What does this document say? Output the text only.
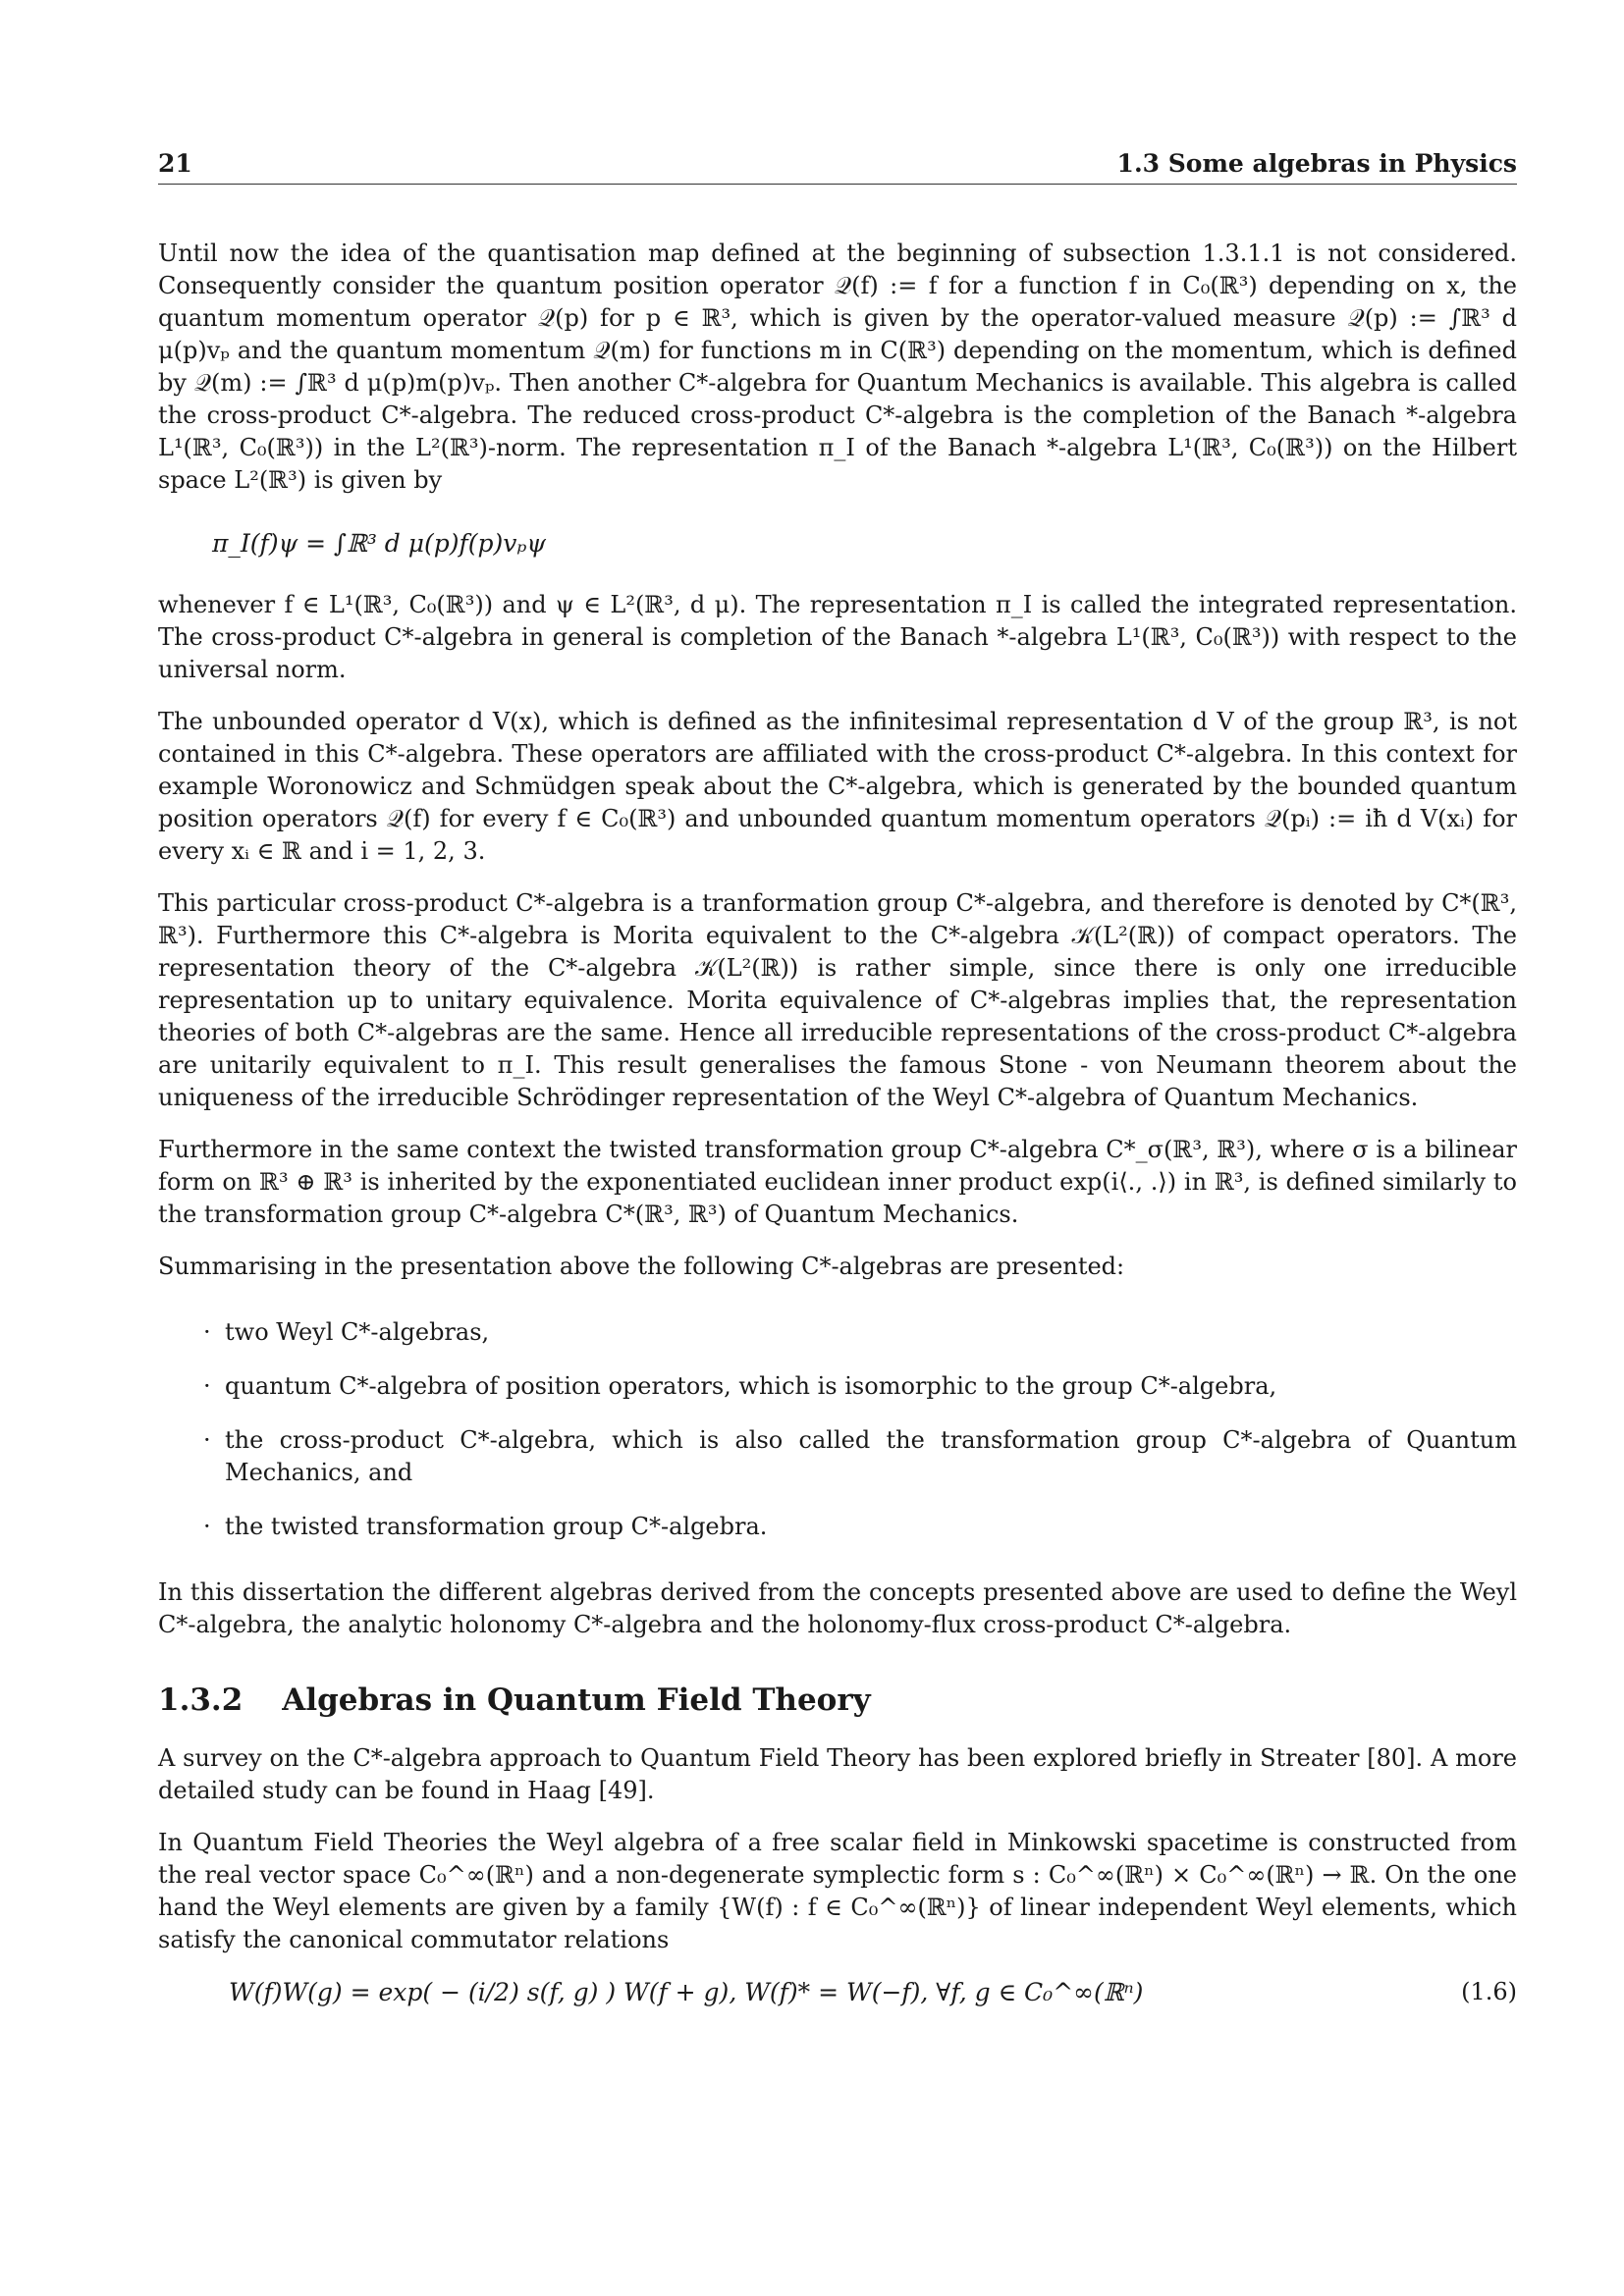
21	1.3 Some algebras in Physics

Until now the idea of the quantisation map defined at the beginning of subsection 1.3.1.1 is not considered. Consequently consider the quantum position operator 𝒬(f) := f for a function f in C₀(ℝ³) depending on x, the quantum momentum operator 𝒬(p) for p ∈ ℝ³, which is given by the operator-valued measure 𝒬(p) := ∫ℝ³ d μ(p)vₚ and the quantum momentum 𝒬(m) for functions m in C(ℝ³) depending on the momentum, which is defined by 𝒬(m) := ∫ℝ³ d μ(p)m(p)vₚ. Then another C*-algebra for Quantum Mechanics is available. This algebra is called the cross-product C*-algebra. The reduced cross-product C*-algebra is the completion of the Banach *-algebra L¹(ℝ³, C₀(ℝ³)) in the L²(ℝ³)-norm. The representation π_I of the Banach *-algebra L¹(ℝ³, C₀(ℝ³)) on the Hilbert space L²(ℝ³) is given by

π_I(f)ψ = ∫ℝ³ d μ(p)f(p)vₚψ

whenever f ∈ L¹(ℝ³, C₀(ℝ³)) and ψ ∈ L²(ℝ³, d μ). The representation π_I is called the integrated representation. The cross-product C*-algebra in general is completion of the Banach *-algebra L¹(ℝ³, C₀(ℝ³)) with respect to the universal norm.

The unbounded operator d V(x), which is defined as the infinitesimal representation d V of the group ℝ³, is not contained in this C*-algebra. These operators are affiliated with the cross-product C*-algebra. In this context for example Woronowicz and Schmüdgen speak about the C*-algebra, which is generated by the bounded quantum position operators 𝒬(f) for every f ∈ C₀(ℝ³) and unbounded quantum momentum operators 𝒬(pᵢ) := iħ d V(xᵢ) for every xᵢ ∈ ℝ and i = 1, 2, 3.

This particular cross-product C*-algebra is a tranformation group C*-algebra, and therefore is denoted by C*(ℝ³, ℝ³). Furthermore this C*-algebra is Morita equivalent to the C*-algebra 𝒦(L²(ℝ)) of compact operators. The representation theory of the C*-algebra 𝒦(L²(ℝ)) is rather simple, since there is only one irreducible representation up to unitary equivalence. Morita equivalence of C*-algebras implies that, the representation theories of both C*-algebras are the same. Hence all irreducible representations of the cross-product C*-algebra are unitarily equivalent to π_I. This result generalises the famous Stone - von Neumann theorem about the uniqueness of the irreducible Schrödinger representation of the Weyl C*-algebra of Quantum Mechanics.

Furthermore in the same context the twisted transformation group C*-algebra C*_σ(ℝ³, ℝ³), where σ is a bilinear form on ℝ³ ⊕ ℝ³ is inherited by the exponentiated euclidean inner product exp(i⟨., .⟩) in ℝ³, is defined similarly to the transformation group C*-algebra C*(ℝ³, ℝ³) of Quantum Mechanics.

Summarising in the presentation above the following C*-algebras are presented:

· two Weyl C*-algebras,
· quantum C*-algebra of position operators, which is isomorphic to the group C*-algebra,
· the cross-product C*-algebra, which is also called the transformation group C*-algebra of Quantum Mechanics, and
· the twisted transformation group C*-algebra.

In this dissertation the different algebras derived from the concepts presented above are used to define the Weyl C*-algebra, the analytic holonomy C*-algebra and the holonomy-flux cross-product C*-algebra.

1.3.2 Algebras in Quantum Field Theory

A survey on the C*-algebra approach to Quantum Field Theory has been explored briefly in Streater [80]. A more detailed study can be found in Haag [49].

In Quantum Field Theories the Weyl algebra of a free scalar field in Minkowski spacetime is constructed from the real vector space C₀^∞(ℝⁿ) and a non-degenerate symplectic form s : C₀^∞(ℝⁿ) × C₀^∞(ℝⁿ) → ℝ. On the one hand the Weyl elements are given by a family {W(f) : f ∈ C₀^∞(ℝⁿ)} of linear independent Weyl elements, which satisfy the canonical commutator relations

W(f)W(g) = exp( − (i/2) s(f, g) ) W(f + g), W(f)* = W(−f), ∀f, g ∈ C₀^∞(ℝⁿ)	(1.6)
